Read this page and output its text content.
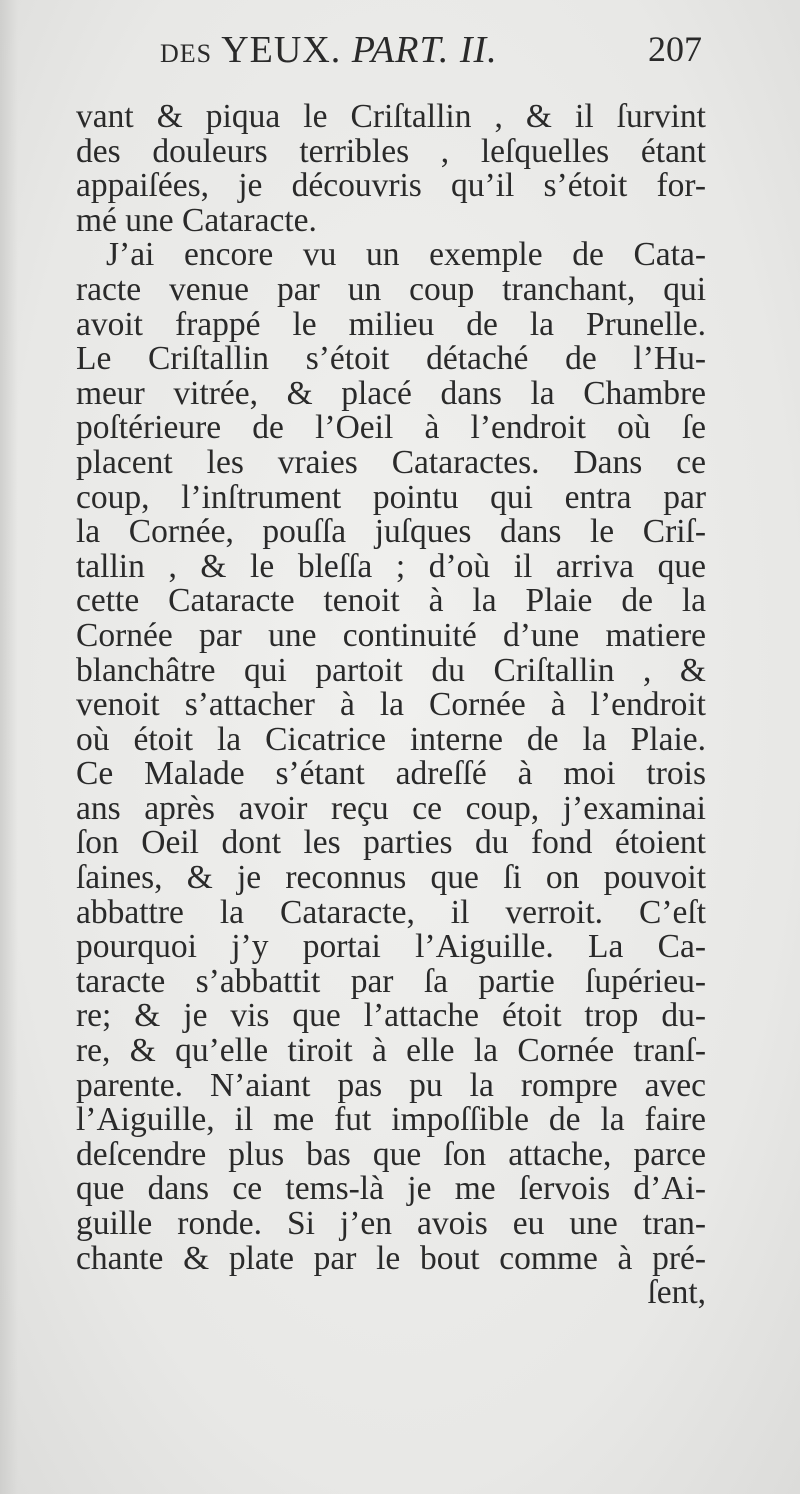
DES YEUX. PART. II.	207
vant & piqua le Criſtallin , & il ſurvint
des douleurs terribles , leſquelles étant
appaiſées, je découvris qu’il s’étoit for-
mé une Cataracte.
J’ai encore vu un exemple de Cata-
racte venue par un coup tranchant, qui
avoit frappé le milieu de la Prunelle.
Le Criſtallin s’étoit détaché de l’Hu-
meur vitrée, & placé dans la Chambre
poſtérieure de l’Oeil à l’endroit où ſe
placent les vraies Cataractes. Dans ce
coup, l’inſtrument pointu qui entra par
la Cornée, pouſſa juſques dans le Criſ-
tallin , & le bleſſa ; d’où il arriva que
cette Cataracte tenoit à la Plaie de la
Cornée par une continuité d’une matiere
blanchâtre qui partoit du Criſtallin , &
venoit s’attacher à la Cornée à l’endroit
où étoit la Cicatrice interne de la Plaie.
Ce Malade s’étant adreſſé à moi trois
ans après avoir reçu ce coup, j’examinai
ſon Oeil dont les parties du fond étoient
ſaines, & je reconnus que ſi on pouvoit
abbattre la Cataracte, il verroit. C’eſt
pourquoi j’y portai l’Aiguille. La Ca-
taracte s’abbattit par ſa partie ſupérieu-
re; & je vis que l’attache étoit trop du-
re, & qu’elle tiroit à elle la Cornée tranſ-
parente. N’aiant pas pu la rompre avec
l’Aiguille, il me fut impoſſible de la faire
deſcendre plus bas que ſon attache, parce
que dans ce tems-là je me ſervois d’Ai-
guille ronde. Si j’en avois eu une tran-
chante & plate par le bout comme à pré-
ſent,
